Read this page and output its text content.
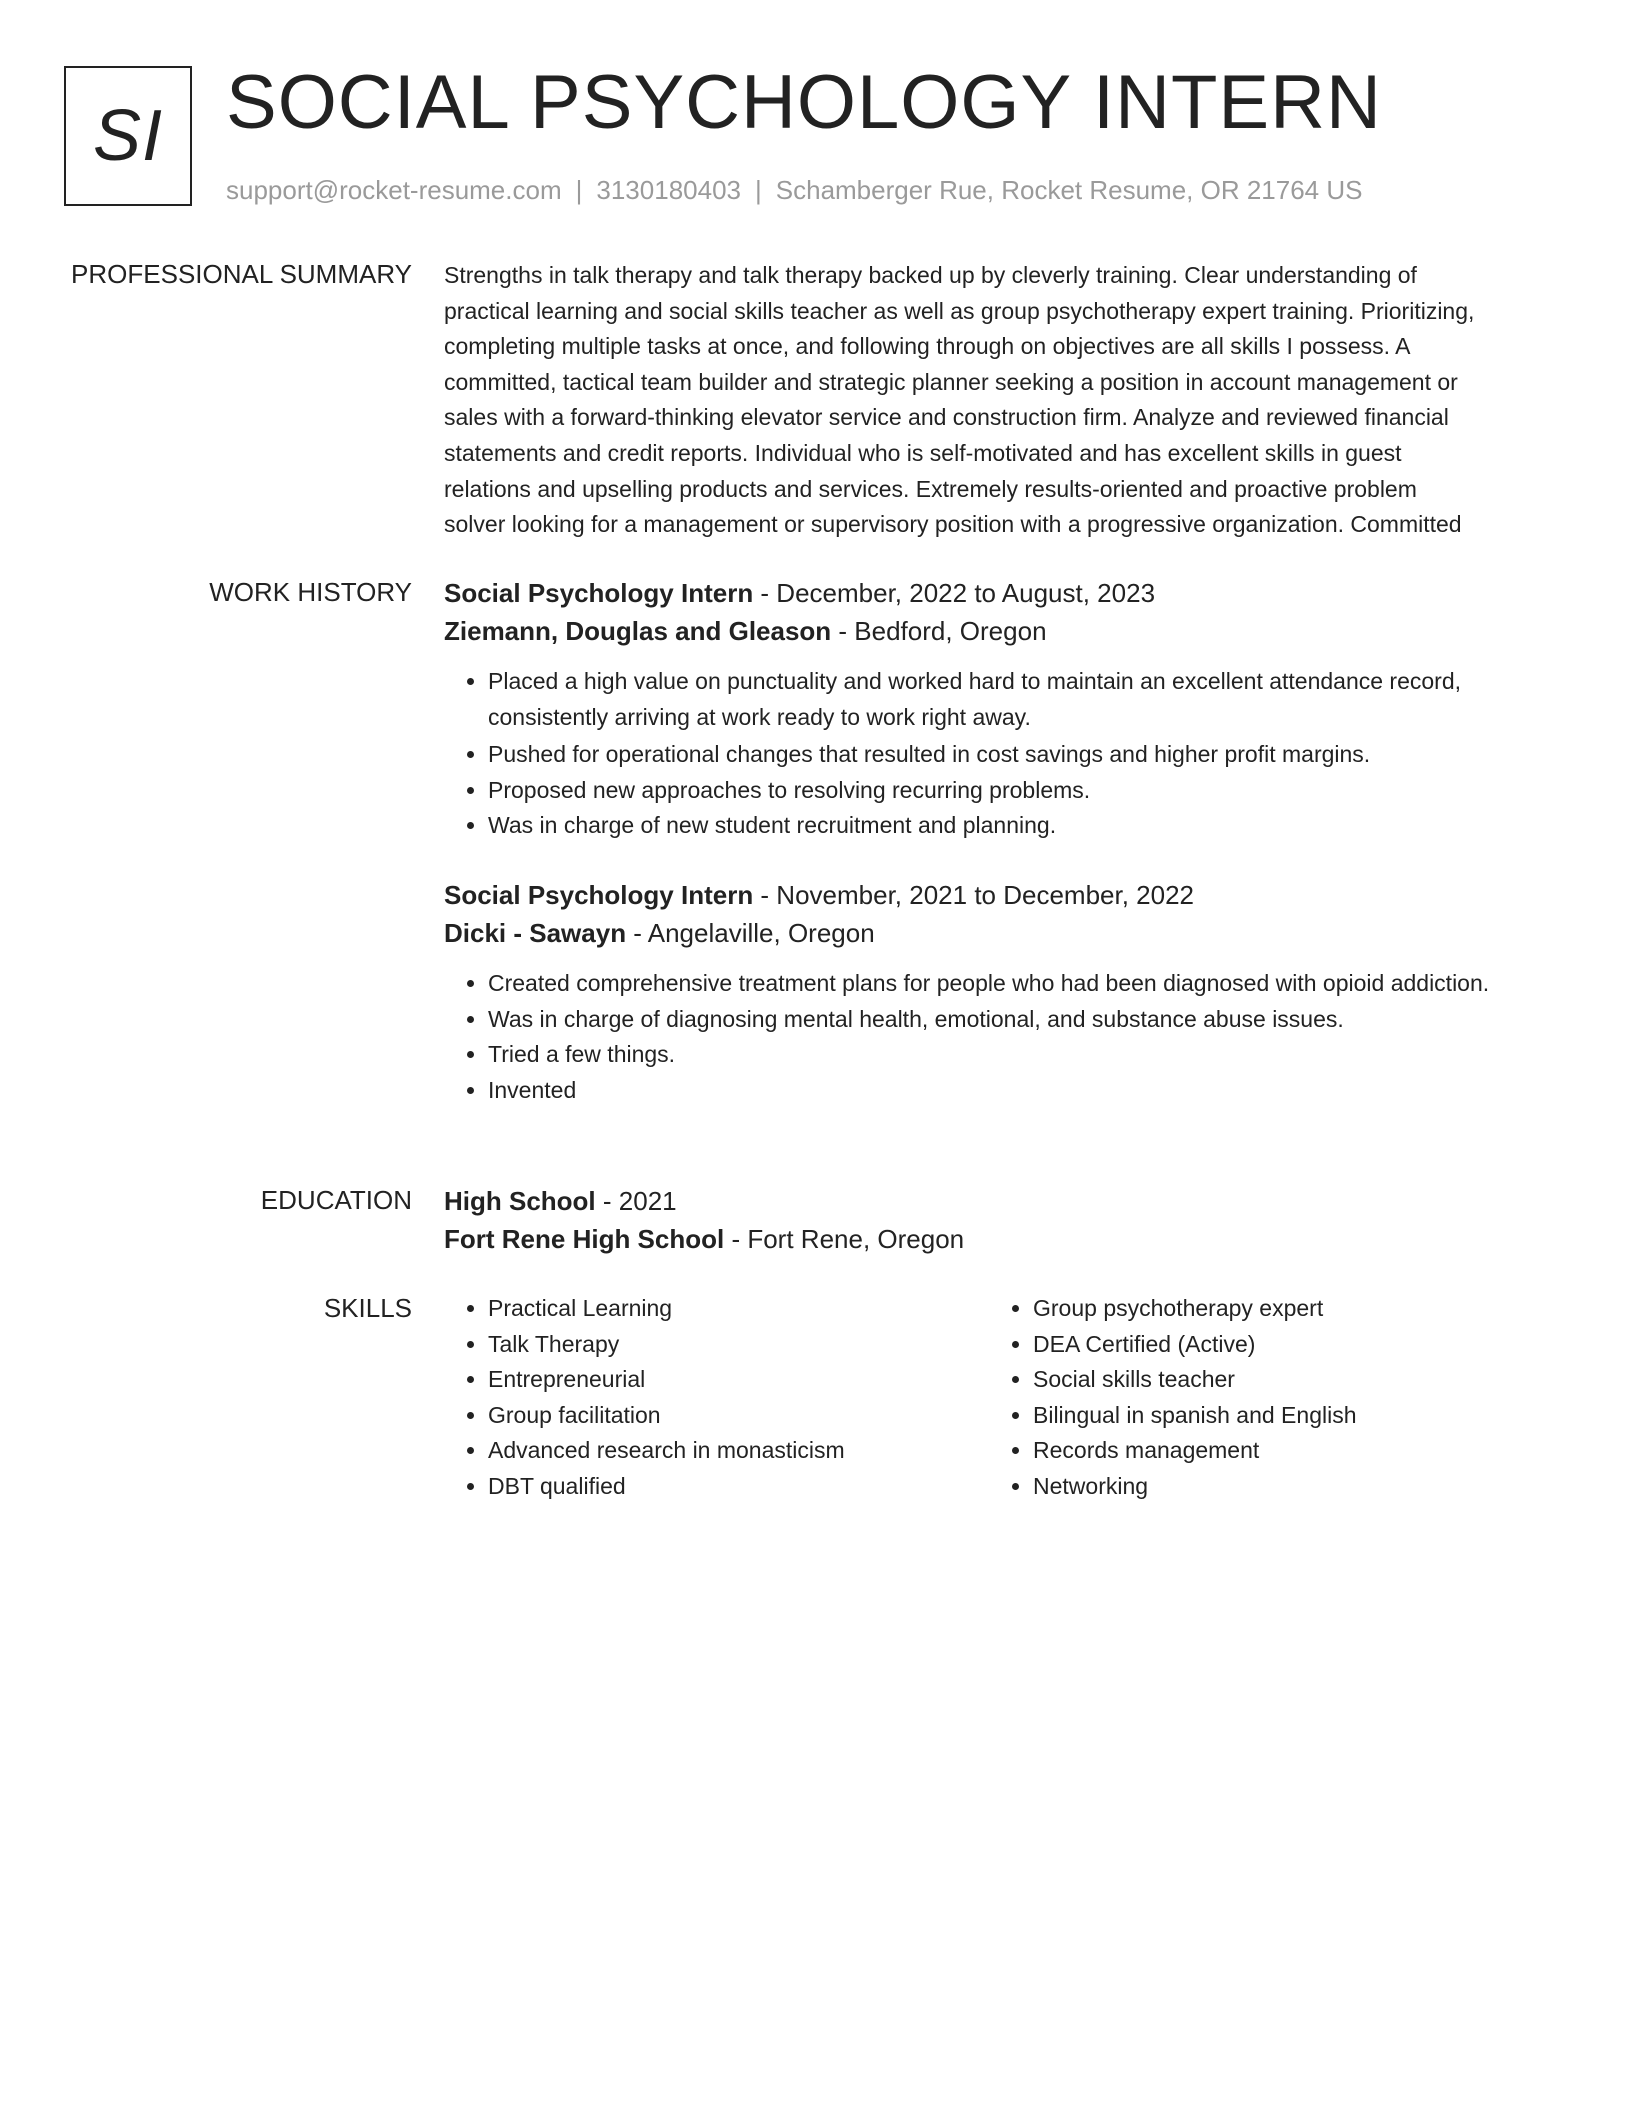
SI SOCIAL PSYCHOLOGY INTERN
support@rocket-resume.com | 3130180403 | Schamberger Rue, Rocket Resume, OR 21764 US
PROFESSIONAL SUMMARY Strengths in talk therapy and talk therapy backed up by cleverly training. Clear understanding of
practical learning and social skills teacher as well as group psychotherapy expert training. Prioritizing,
completing multiple tasks at once, and following through on objectives are all skills I possess. A
committed, tactical team builder and strategic planner seeking a position in account management or
sales with a forward-thinking elevator service and construction firm. Analyze and reviewed financial
statements and credit reports. Individual who is self-motivated and has excellent skills in guest
relations and upselling products and services. Extremely results-oriented and proactive problem
solver looking for a management or supervisory position with a progressive organization. Committed

WORK HISTORY Social Psychology Intern - December, 2022 to August, 2023

Ziemann, Douglas and Gleason - Bedford, Oregon

• Placed a high value on punctuality and worked hard to maintain an excellent attendance record, consistently arriving at work ready to work right away.
• Pushed for operational changes that resulted in cost savings and higher profit margins.
• Proposed new approaches to resolving recurring problems.
• Was in charge of new student recruitment and planning.

Social Psychology Intern - November, 2021 to December, 2022

Dicki - Sawayn - Angelaville, Oregon

• Created comprehensive treatment plans for people who had been diagnosed with opioid addiction.
• Was in charge of diagnosing mental health, emotional, and substance abuse issues.
• Tried a few things.
• Invented
EDUCATION High School - 2021

Fort Rene High School - Fort Rene, Oregon

SKILLS
•	Practical Learning
• Talk Therapy
• Entrepreneurial
• Group facilitation
• Advanced research in monasticism
• DBT qualified
• Group psychotherapy expert
• DEA Certified (Active)
• Social skills teacher
• Bilingual in spanish and English
• Records management
• Networking
